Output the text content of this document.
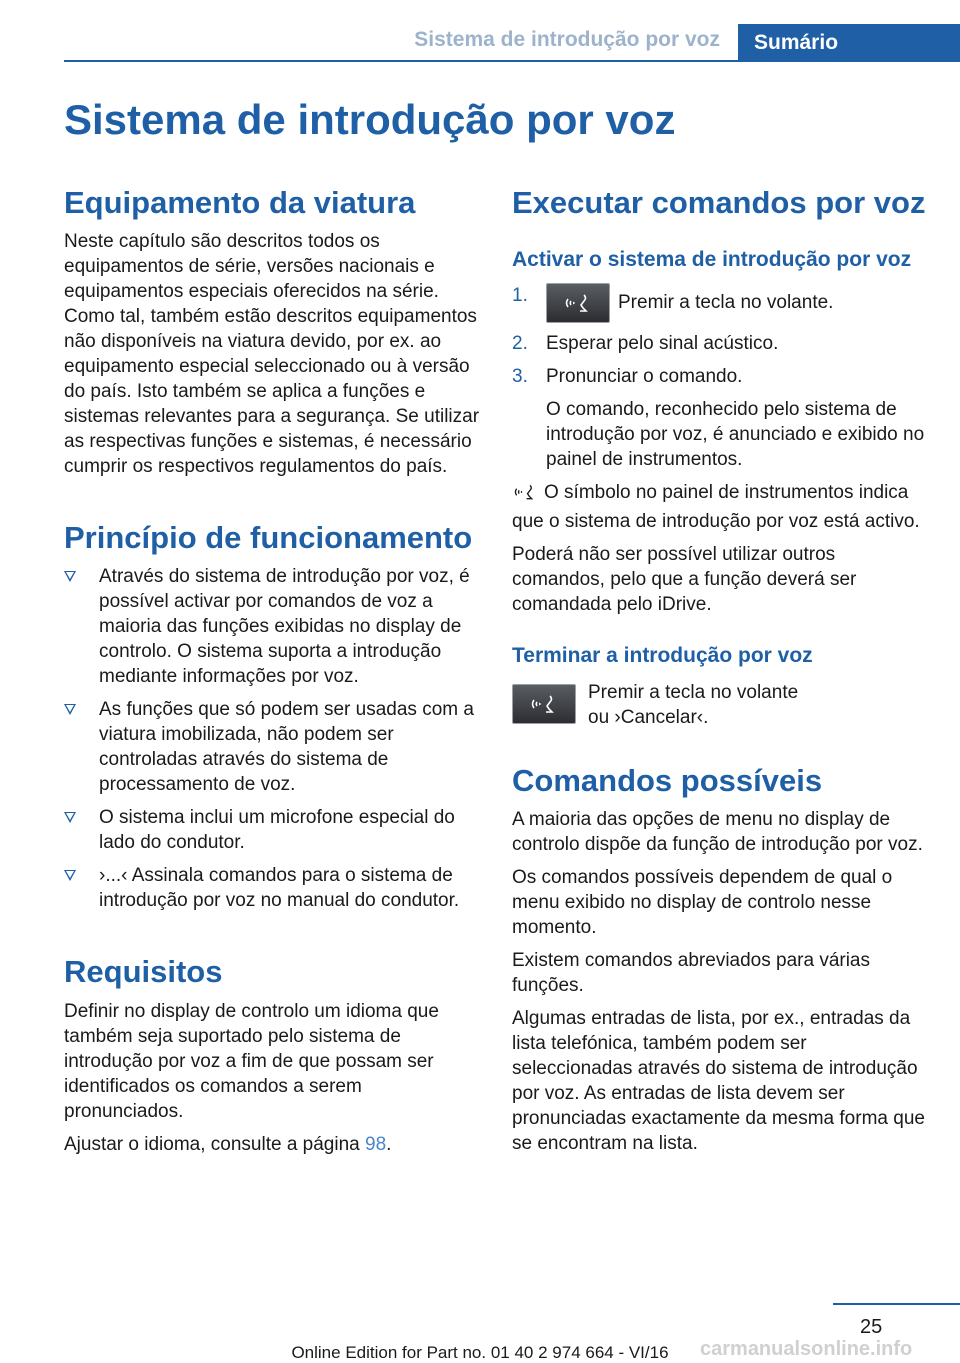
Sistema de introdução por voz	Sumário
Sistema de introdução por voz
Equipamento da viatura

Neste capítulo são descritos todos os equipamentos de série, versões nacionais e equipamentos especiais oferecidos na série. Como tal, também estão descritos equipamentos não disponíveis na viatura devido, por ex. ao equipamento especial seleccionado ou à versão do país. Isto também se aplica a funções e sistemas relevantes para a segurança. Se utilizar as respectivas funções e sistemas, é necessário cumprir os respectivos regulamentos do país.

Princípio de funcionamento
Através do sistema de introdução por voz, é possível activar por comandos de voz a maioria das funções exibidas no display de controlo. O sistema suporta a introdução mediante informações por voz.
As funções que só podem ser usadas com a viatura imobilizada, não podem ser controladas através do sistema de processamento de voz.
O sistema inclui um microfone especial do lado do condutor.
›...‹ Assinala comandos para o sistema de introdução por voz no manual do condutor.
Requisitos

Definir no display de controlo um idioma que também seja suportado pelo sistema de introdução por voz a fim de que possam ser identificados os comandos a serem pronunciados.

Ajustar o idioma, consulte a página 98.

Executar comandos por voz
Activar o sistema de introdução por voz
1.	Premir a tecla no volante.
2. Esperar pelo sinal acústico.
3. Pronunciar o comando.
O comando, reconhecido pelo sistema de introdução por voz, é anunciado e exibido no painel de instrumentos.

O símbolo no painel de instrumentos indica que o sistema de introdução por voz está activo.

Poderá não ser possível utilizar outros comandos, pelo que a função deverá ser comandada pelo iDrive.

Terminar a introdução por voz

Premir a tecla no volante

ou ›Cancelar‹.

Comandos possíveis

A maioria das opções de menu no display de controlo dispõe da função de introdução por voz.

Os comandos possíveis dependem de qual o menu exibido no display de controlo nesse momento.

Existem comandos abreviados para várias funções.

Algumas entradas de lista, por ex., entradas da lista telefónica, também podem ser seleccionadas através do sistema de introdução por voz. As entradas de lista devem ser pronunciadas exactamente da mesma forma que se encontram na lista.

25
carmanualsonline.info
Online Edition for Part no. 01 40 2 974 664 - VI/16
